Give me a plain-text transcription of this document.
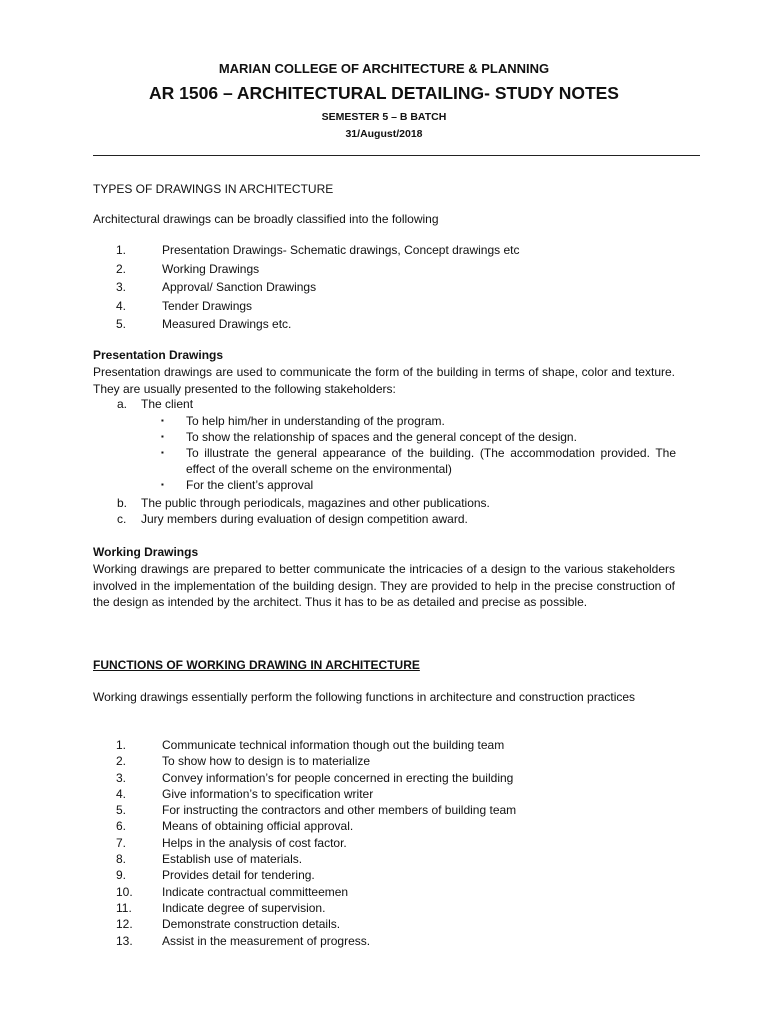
MARIAN COLLEGE OF ARCHITECTURE & PLANNING
AR 1506 – ARCHITECTURAL DETAILING- STUDY NOTES
SEMESTER 5 – B BATCH
31/August/2018
TYPES OF DRAWINGS IN ARCHITECTURE
Architectural drawings can be broadly classified into the following
1.	Presentation Drawings- Schematic drawings, Concept drawings etc
2.	Working Drawings
3.	Approval/ Sanction Drawings
4.	Tender Drawings
5.	Measured Drawings etc.
Presentation Drawings
Presentation drawings are used to communicate the form of the building in terms of shape, color and texture. They are usually presented to the following stakeholders:
a. The client
▪ To help him/her in understanding of the program.
▪ To show the relationship of spaces and the general concept of the design.
▪ To illustrate the general appearance of the building. (The accommodation provided. The effect of the overall scheme on the environmental)
▪ For the client’s approval
b. The public through periodicals, magazines and other publications.
c. Jury members during evaluation of design competition award.
Working Drawings
Working drawings are prepared to better communicate the intricacies of a design to the various stakeholders involved in the implementation of the building design. They are provided to help in the precise construction of the design as intended by the architect. Thus it has to be as detailed and precise as possible.
FUNCTIONS OF WORKING DRAWING IN ARCHITECTURE
Working drawings essentially perform the following functions in architecture and construction practices
1.	Communicate technical information though out the building team
2.	To show how to design is to materialize
3.	Convey information’s for people concerned in erecting the building
4.	Give information’s to specification writer
5.	For instructing the contractors and other members of building team
6.	Means of obtaining official approval.
7.	Helps in the analysis of cost factor.
8.	Establish use of materials.
9.	Provides detail for tendering.
10.	Indicate contractual committeemen
11.	Indicate degree of supervision.
12.	Demonstrate construction details.
13.	Assist in the measurement of progress.
